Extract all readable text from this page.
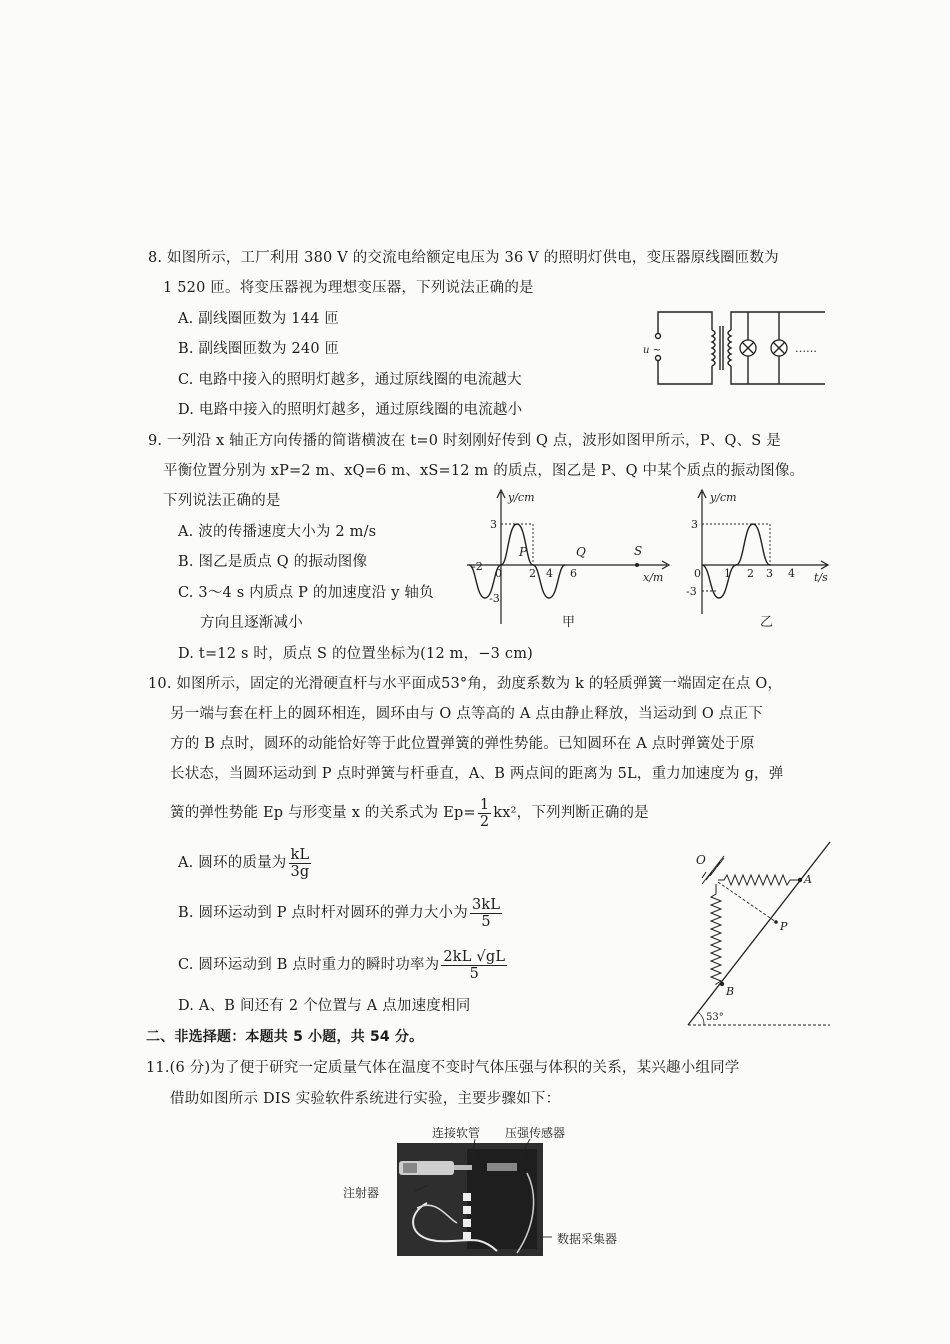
8. 如图所示，工厂利用 380 V 的交流电给额定电压为 36 V 的照明灯供电，变压器原线圈匝数为
1 520 匝。将变压器视为理想变压器，下列说法正确的是
A. 副线圈匝数为 144 匝
B. 副线圈匝数为 240 匝
C. 电路中接入的照明灯越多，通过原线圈的电流越大
D. 电路中接入的照明灯越多，通过原线圈的电流越小
u ~	……
9. 一列沿 x 轴正方向传播的简谐横波在 t=0 时刻刚好传到 Q 点，波形如图甲所示，P、Q、S 是
平衡位置分别为 xP=2 m、xQ=6 m、xS=12 m 的质点，图乙是 P、Q 中某个质点的振动图像。
下列说法正确的是
A. 波的传播速度大小为 2 m/s
B. 图乙是质点 Q 的振动图像
C. 3～4 s 内质点 P 的加速度沿 y 轴负
方向且逐渐减小
D. t=12 s 时，质点 S 的位置坐标为(12 m，−3 cm)
y/cm
x/m
3
-3
-2
0 2 4 6
P	Q	S
甲
y/cm
t/s
3
-3
0 1 2 3 4
乙
10. 如图所示，固定的光滑硬直杆与水平面成53°角，劲度系数为 k 的轻质弹簧一端固定在点 O，
另一端与套在杆上的圆环相连，圆环由与 O 点等高的 A 点由静止释放，当运动到 O 点正下
方的 B 点时，圆环的动能恰好等于此位置弹簧的弹性势能。已知圆环在 A 点时弹簧处于原
长状态，当圆环运动到 P 点时弹簧与杆垂直，A、B 两点间的距离为 5L，重力加速度为 g，弹
簧的弹性势能 Ep 与形变量 x 的关系式为 $Ep= \frac{1}{2} kx^2$，下列判断正确的是
A. 圆环的质量为 $\frac{kL}{3g}$
B. 圆环运动到 P 点时杆对圆环的弹力大小为 $\frac{3kL}{5}$
C. 圆环运动到 B 点时重力的瞬时功率为 $\frac{2kL √gL}{5}$
D. A、B 间还有 2 个位置与 A 点加速度相同
O
A
P
B
53°
二、非选择题：本题共 5 小题，共 54 分。
11.(6 分)为了便于研究一定质量气体在温度不变时气体压强与体积的关系，某兴趣小组同学
借助如图所示 DIS 实验软件系统进行实验，主要步骤如下：
连接软管 压强传感器
注射器
数据采集器
